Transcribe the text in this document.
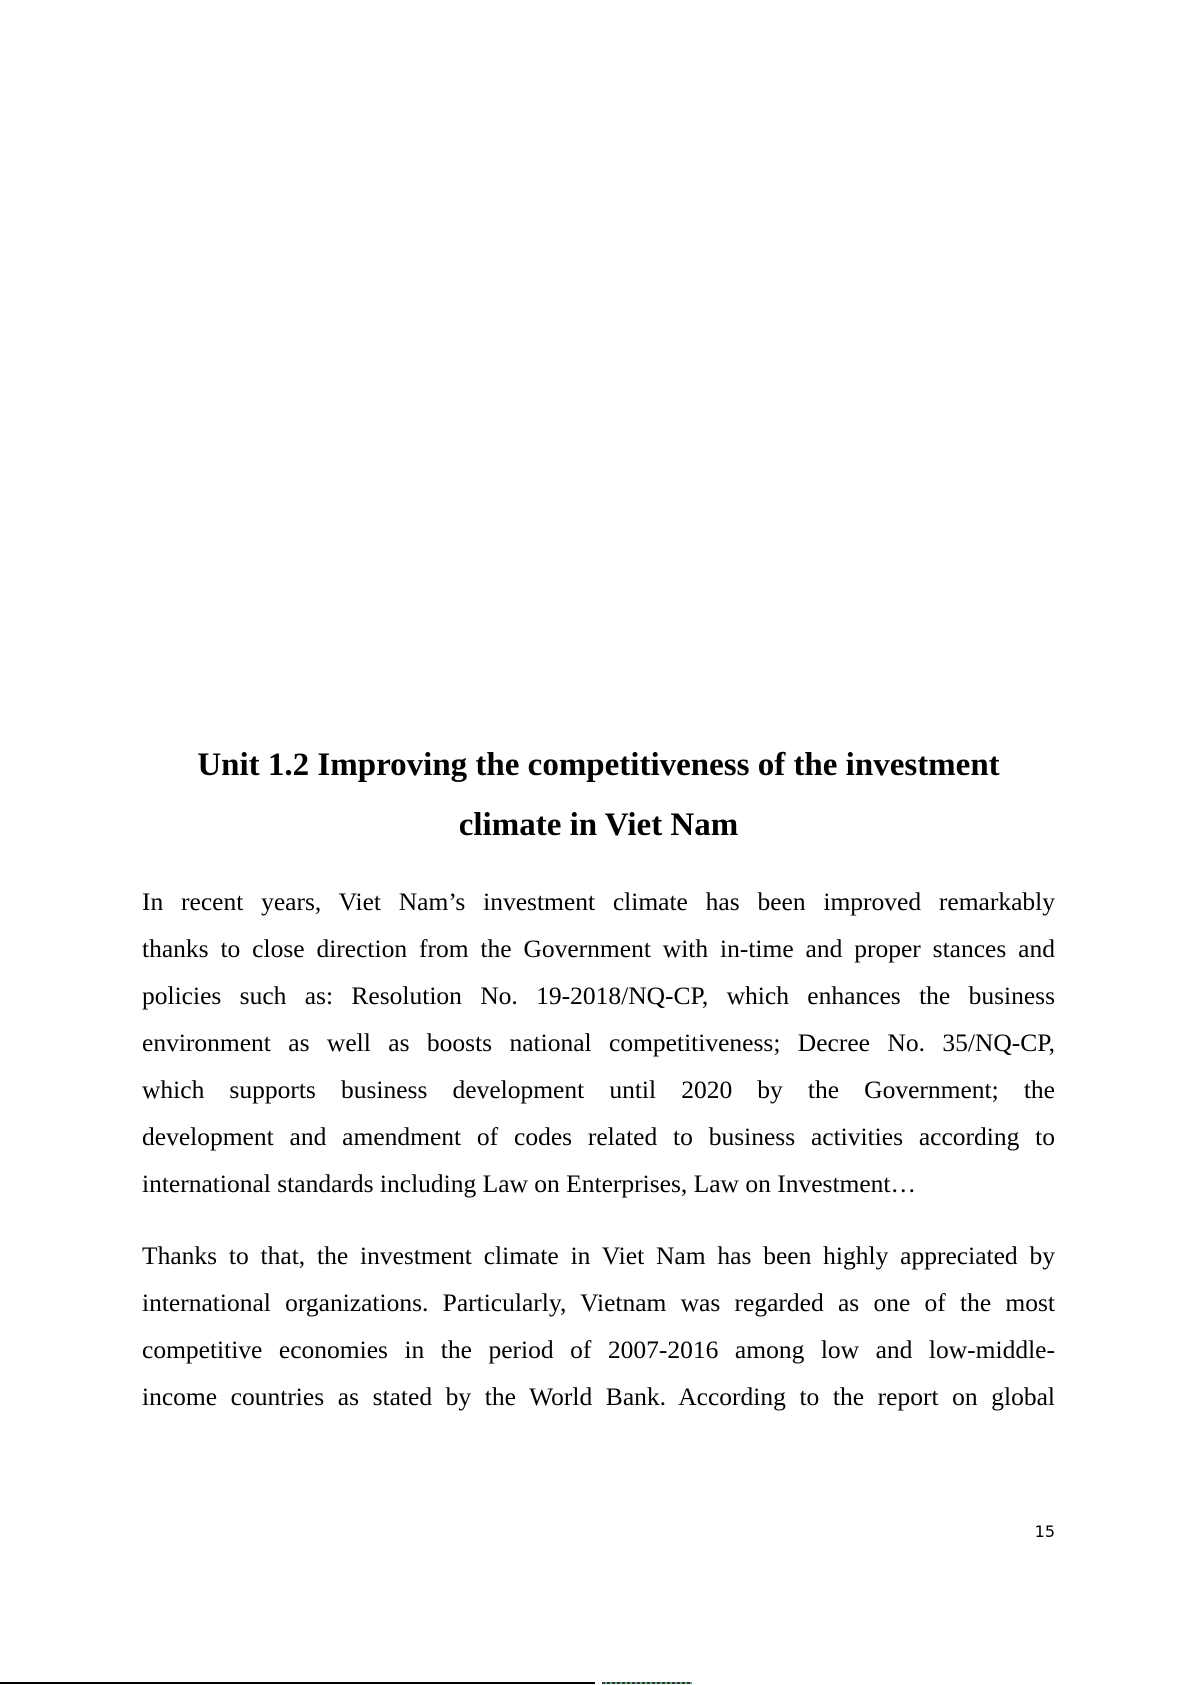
Unit 1.2 Improving the competitiveness of the investment
climate in Viet Nam
In recent years, Viet Nam’s investment climate has been improved remarkably
thanks to close direction from the Government with in-time and proper stances and
policies such as: Resolution No. 19-2018/NQ-CP, which enhances the business
environment as well as boosts national competitiveness; Decree No. 35/NQ-CP,
which supports business development until 2020 by the Government; the
development and amendment of codes related to business activities according to
international standards including Law on Enterprises, Law on Investment…
Thanks to that, the investment climate in Viet Nam has been highly appreciated by
international organizations. Particularly, Vietnam was regarded as one of the most
competitive economies in the period of 2007-2016 among low and low-middle-
income countries as stated by the World Bank. According to the report on global
15
